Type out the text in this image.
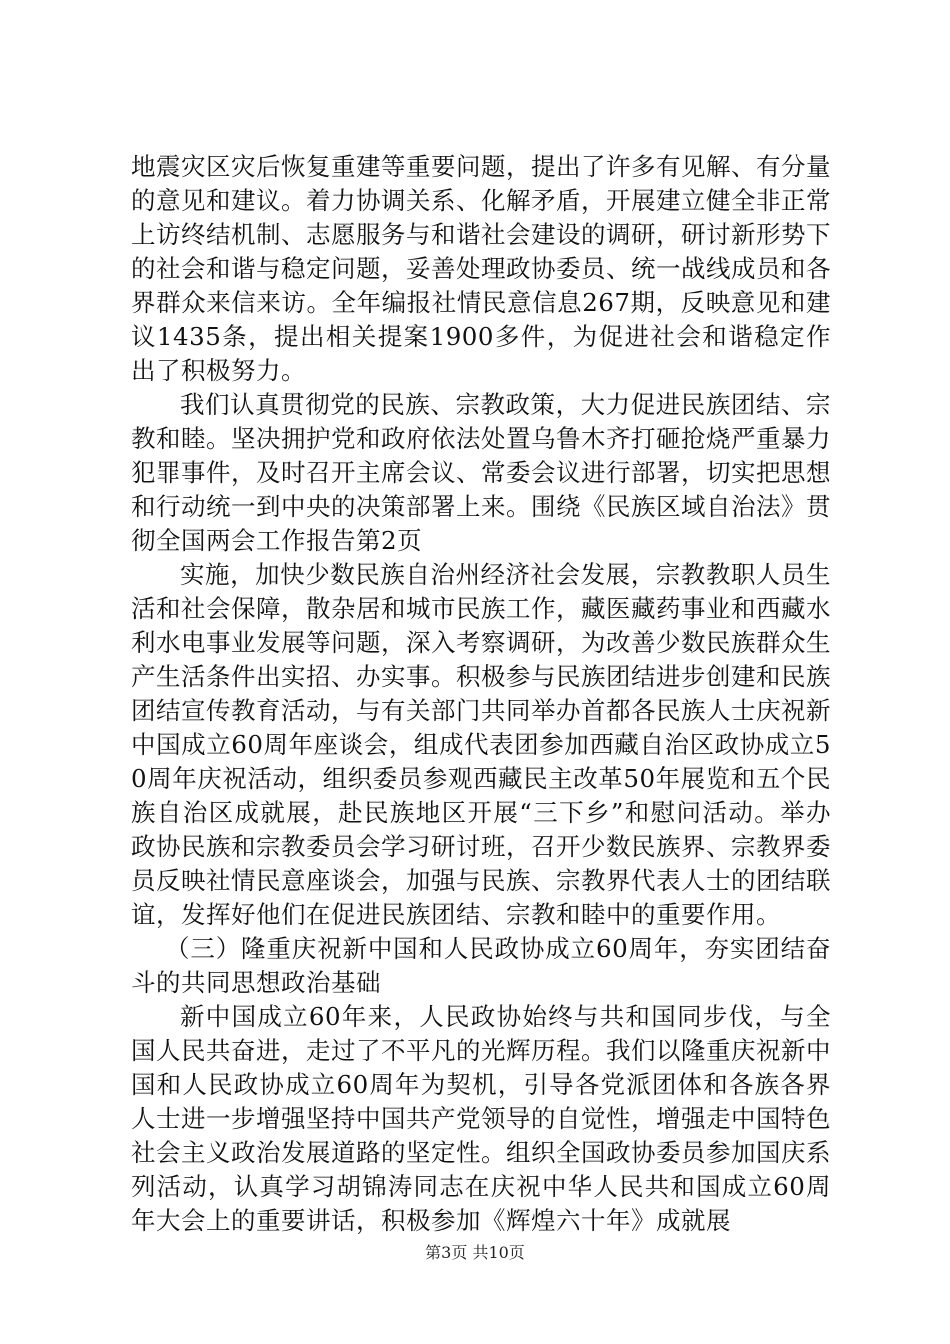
地震灾区灾后恢复重建等重要问题，提出了许多有见解、有分量的意见和建议。着力协调关系、化解矛盾，开展建立健全非正常上访终结机制、志愿服务与和谐社会建设的调研，研讨新形势下的社会和谐与稳定问题，妥善处理政协委员、统一战线成员和各界群众来信来访。全年编报社情民意信息267期，反映意见和建议1435条，提出相关提案1900多件，为促进社会和谐稳定作出了积极努力。

我们认真贯彻党的民族、宗教政策，大力促进民族团结、宗教和睦。坚决拥护党和政府依法处置乌鲁木齐打砸抢烧严重暴力犯罪事件，及时召开主席会议、常委会议进行部署，切实把思想和行动统一到中央的决策部署上来。围绕《民族区域自治法》贯彻全国两会工作报告第2页

实施，加快少数民族自治州经济社会发展，宗教教职人员生活和社会保障，散杂居和城市民族工作，藏医藏药事业和西藏水利水电事业发展等问题，深入考察调研，为改善少数民族群众生产生活条件出实招、办实事。积极参与民族团结进步创建和民族团结宣传教育活动，与有关部门共同举办首都各民族人士庆祝新中国成立60周年座谈会，组成代表团参加西藏自治区政协成立50周年庆祝活动，组织委员参观西藏民主改革50年展览和五个民族自治区成就展，赴民族地区开展“三下乡”和慰问活动。举办政协民族和宗教委员会学习研讨班，召开少数民族界、宗教界委员反映社情民意座谈会，加强与民族、宗教界代表人士的团结联谊，发挥好他们在促进民族团结、宗教和睦中的重要作用。

（三）隆重庆祝新中国和人民政协成立60周年，夯实团结奋斗的共同思想政治基础

新中国成立60年来，人民政协始终与共和国同步伐，与全国人民共奋进，走过了不平凡的光辉历程。我们以隆重庆祝新中国和人民政协成立60周年为契机，引导各党派团体和各族各界人士进一步增强坚持中国共产党领导的自觉性，增强走中国特色社会主义政治发展道路的坚定性。组织全国政协委员参加国庆系列活动，认真学习胡锦涛同志在庆祝中华人民共和国成立60周年大会上的重要讲话，积极参加《辉煌六十年》成就展

第3页 共10页
